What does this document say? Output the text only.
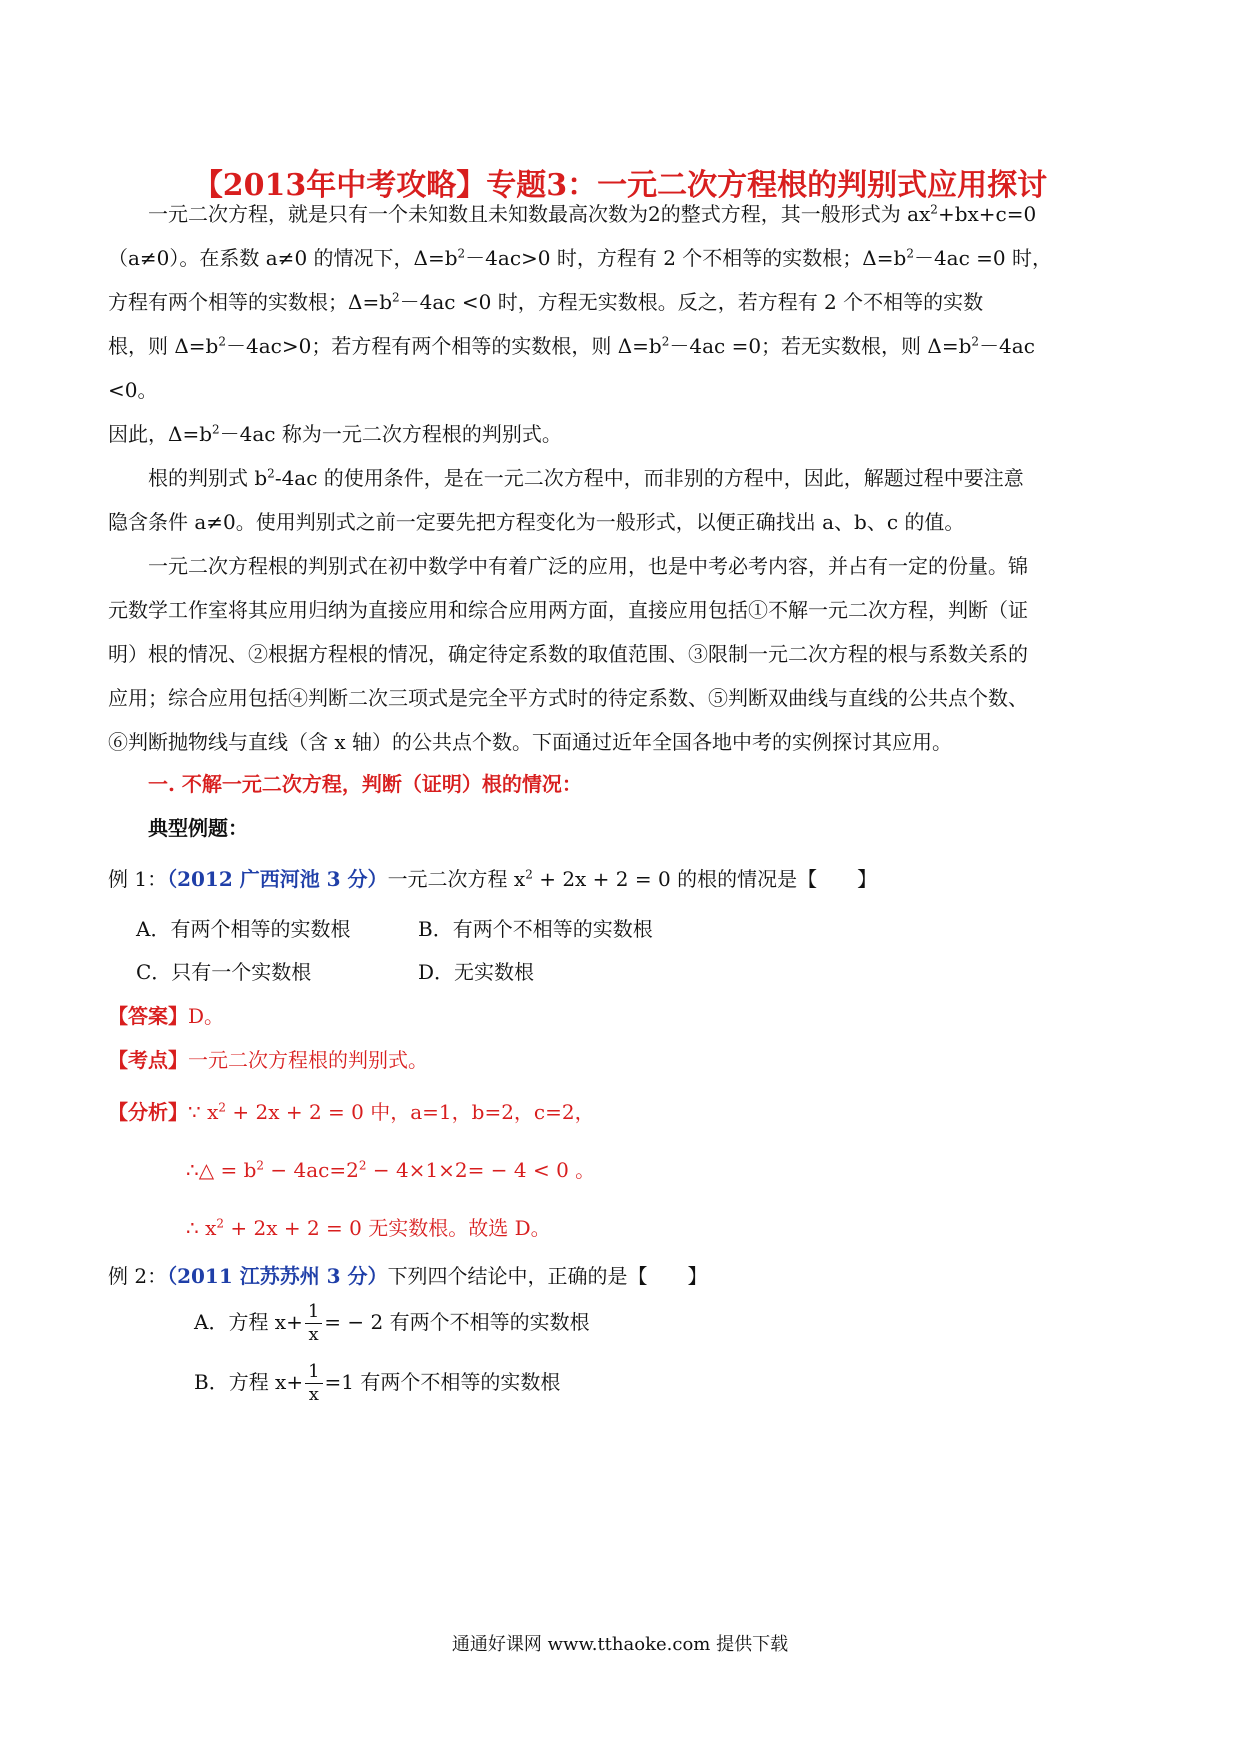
【2013年中考攻略】专题3：一元二次方程根的判别式应用探讨
一元二次方程，就是只有一个未知数且未知数最高次数为2的整式方程，其一般形式为 $ax^2+bx+c=0$
（a≠0）。在系数 a≠0 的情况下，$\Delta=b^2-4ac>0$ 时，方程有 2 个不相等的实数根；$\Delta=b^2-4ac =0$ 时，
方程有两个相等的实数根；$\Delta=b^2-4ac <0$ 时，方程无实数根。反之，若方程有 2 个不相等的实数
根，则 $\Delta=b^2-4ac>0$；若方程有两个相等的实数根，则 $\Delta=b^2-4ac =0$；若无实数根，则 $\Delta=b^2-4ac$
<0。
因此，$\Delta=b^2-4ac$ 称为一元二次方程根的判别式。
根的判别式 $b^2-4ac$ 的使用条件，是在一元二次方程中，而非别的方程中，因此，解题过程中要注意
隐含条件 a≠0。使用判别式之前一定要先把方程变化为一般形式，以便正确找出 a、b、c 的值。
一元二次方程根的判别式在初中数学中有着广泛的应用，也是中考必考内容，并占有一定的份量。锦
元数学工作室将其应用归纳为直接应用和综合应用两方面，直接应用包括①不解一元二次方程，判断（证
明）根的情况、②根据方程根的情况，确定待定系数的取值范围、③限制一元二次方程的根与系数关系的
应用；综合应用包括④判断二次三项式是完全平方式时的待定系数、⑤判断双曲线与直线的公共点个数、
⑥判断抛物线与直线（含 x 轴）的公共点个数。下面通过近年全国各地中考的实例探讨其应用。
一. 不解一元二次方程，判断（证明）根的情况：
典型例题：
例 1：（2012 广西河池 3 分）一元二次方程 $x^2 + 2x + 2 = 0$ 的根的情况是【　　】
A．有两个相等的实数根	B．有两个不相等的实数根
C．只有一个实数根	D．无实数根
【答案】D。
【考点】一元二次方程根的判别式。
【分析】∵ $x^2 + 2x + 2 = 0$ 中，a=1，b=2，c=2，
∴△ = $b^2 - 4ac=2^2 - 4\times 1\times 2= - 4 < 0$ 。
∴ $x^2 + 2x + 2 = 0$ 无实数根。故选 D。
例 2：（2011 江苏苏州 3 分）下列四个结论中，正确的是【　　】
A．方程 $x+ \frac{1}{x}$ = − 2 有两个不相等的实数根
B．方程 $x+ \frac{1}{x} =1$ 有两个不相等的实数根
通通好课网 www.tthaoke.com 提供下载
